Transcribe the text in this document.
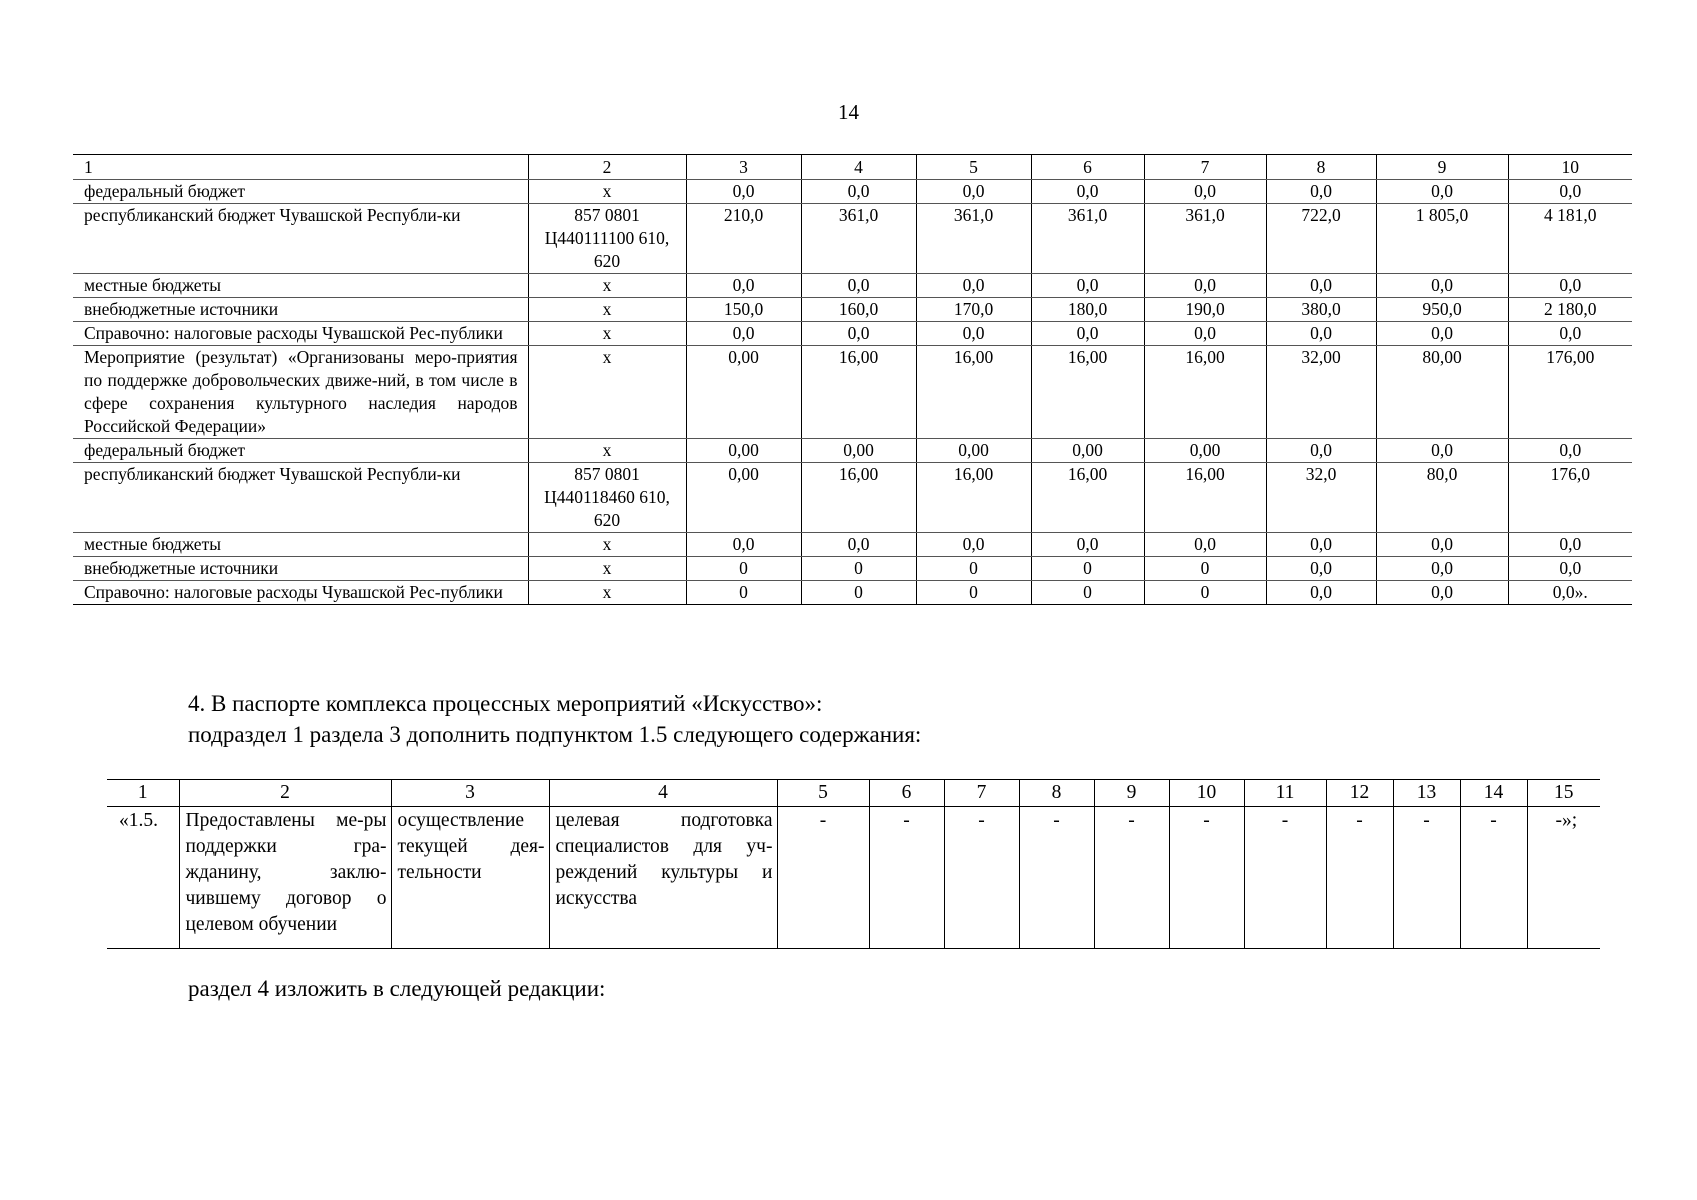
14
1	2	3	4	5	6	7	8	9	10
федеральный бюджет	x	0,0	0,0	0,0	0,0	0,0	0,0	0,0	0,0
республиканский бюджет Чувашской Республи-ки	857 0801 Ц440111100 610, 620	210,0	361,0	361,0	361,0	361,0	722,0	1 805,0	4 181,0
местные бюджеты	x	0,0	0,0	0,0	0,0	0,0	0,0	0,0	0,0
внебюджетные источники	x	150,0	160,0	170,0	180,0	190,0	380,0	950,0	2 180,0
Справочно: налоговые расходы Чувашской Рес-публики	x	0,0	0,0	0,0	0,0	0,0	0,0	0,0	0,0
Мероприятие (результат) «Организованы меро-приятия по поддержке добровольческих движе-ний, в том числе в сфере сохранения культурного наследия народов Российской Федерации»	x	0,00	16,00	16,00	16,00	16,00	32,00	80,00	176,00
федеральный бюджет	x	0,00	0,00	0,00	0,00	0,00	0,0	0,0	0,0
республиканский бюджет Чувашской Республи-ки	857 0801 Ц440118460 610, 620	0,00	16,00	16,00	16,00	16,00	32,0	80,0	176,0
местные бюджеты	x	0,0	0,0	0,0	0,0	0,0	0,0	0,0	0,0
внебюджетные источники	x	0	0	0	0	0	0,0	0,0	0,0
Справочно: налоговые расходы Чувашской Рес-публики	x	0	0	0	0	0	0,0	0,0	0,0».
4. В паспорте комплекса процессных мероприятий «Искусство»:
подраздел 1 раздела 3 дополнить подпунктом 1.5 следующего содержания:
1	2	3	4	5	6	7	8	9	10	11	12	13	14	15
«1.5.	Предоставлены ме-ры поддержки гра-жданину, заклю-чившему договор о целевом обучении	осуществление текущей дея-тельности	целевая подготовка специалистов для уч-реждений культуры и искусства	-	-	-	-	-	-	-	-	-	-	-»;
раздел 4 изложить в следующей редакции:
